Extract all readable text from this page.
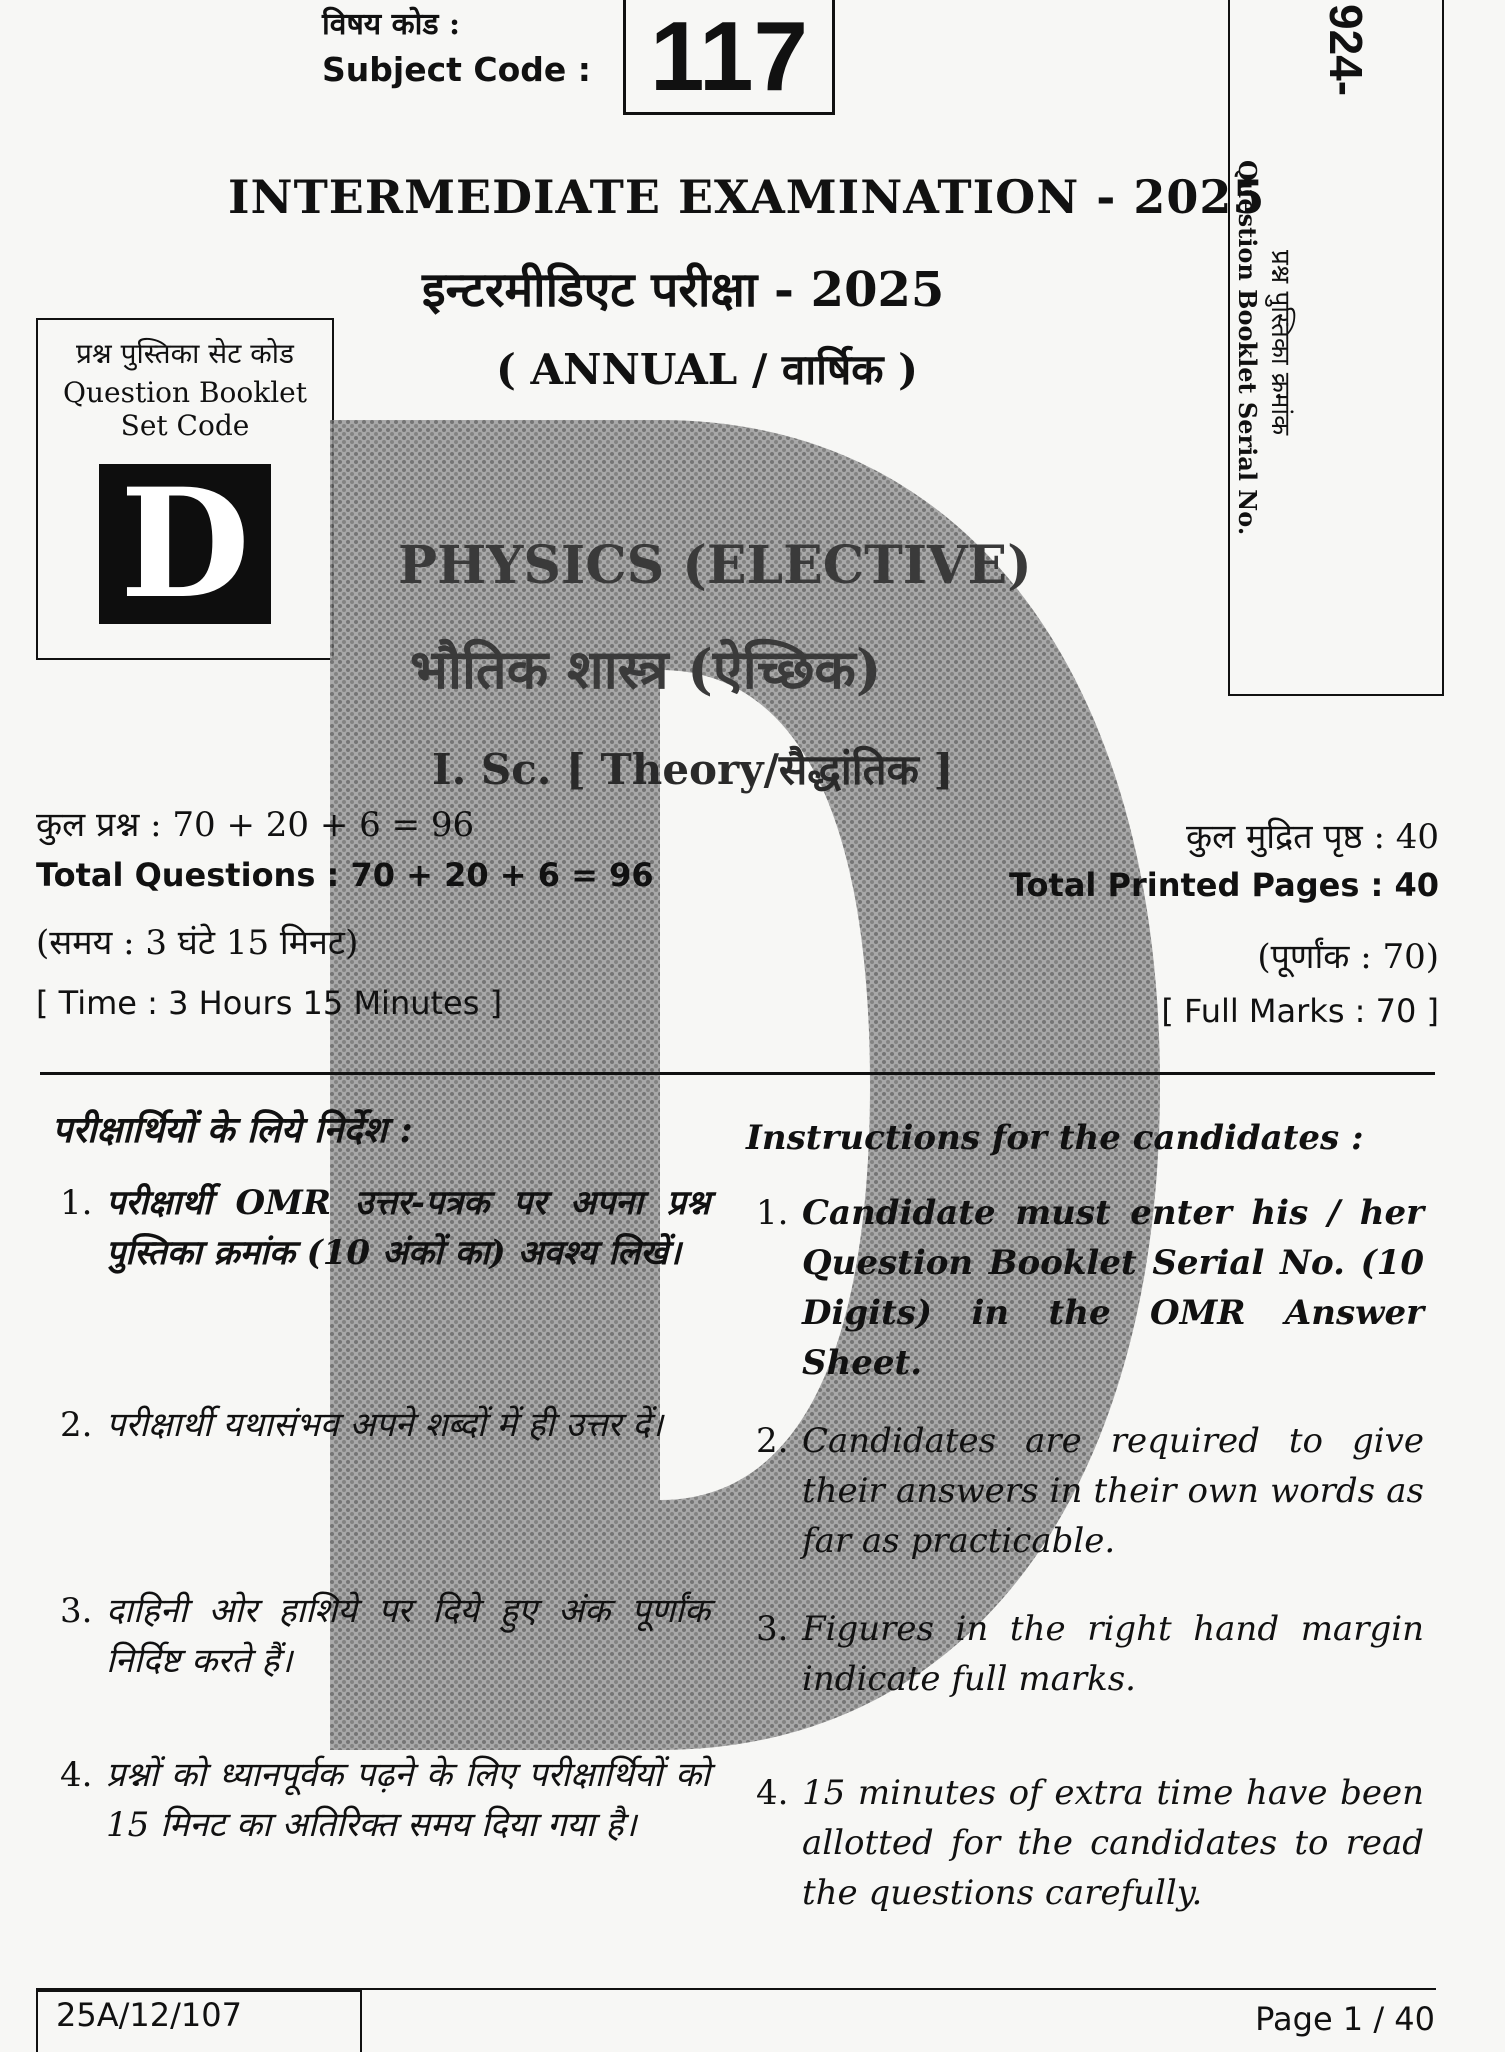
विषय कोड :
Subject Code : 117
INTERMEDIATE EXAMINATION - 2025
इन्टरमीडिएट परीक्षा - 2025
( ANNUAL / वार्षिक )
प्रश्न पुस्तिका सेट कोड
Question Booklet
Set Code
D
924-
प्रश्न पुस्तिका क्रमांक
Question Booklet Serial No.
PHYSICS (ELECTIVE)
भौतिक शास्त्र (ऐच्छिक)
I. Sc. [ Theory/सैद्धांतिक ]
कुल प्रश्न : 70 + 20 + 6 = 96
Total Questions : 70 + 20 + 6 = 96
(समय : 3 घंटे 15 मिनट)
[ Time : 3 Hours 15 Minutes ]
कुल मुद्रित पृष्ठ : 40
Total Printed Pages : 40
(पूर्णांक : 70)
[ Full Marks : 70 ]
परीक्षार्थियों के लिये निर्देश :	Instructions for the candidates :
1. परीक्षार्थी OMR उत्तर-पत्रक पर अपना प्रश्न पुस्तिका क्रमांक (10 अंकों का) अवश्य लिखें।
2. परीक्षार्थी यथासंभव अपने शब्दों में ही उत्तर दें।
3. दाहिनी ओर हाशिये पर दिये हुए अंक पूर्णांक निर्दिष्ट करते हैं।
4. प्रश्नों को ध्यानपूर्वक पढ़ने के लिए परीक्षार्थियों को 15 मिनट का अतिरिक्त समय दिया गया है।
1. Candidate must enter his / her Question Booklet Serial No. (10 Digits) in the OMR Answer Sheet.
2. Candidates are required to give their answers in their own words as far as practicable.
3. Figures in the right hand margin indicate full marks.
4. 15 minutes of extra time have been allotted for the candidates to read the questions carefully.
25A/12/107	Page 1 / 40
